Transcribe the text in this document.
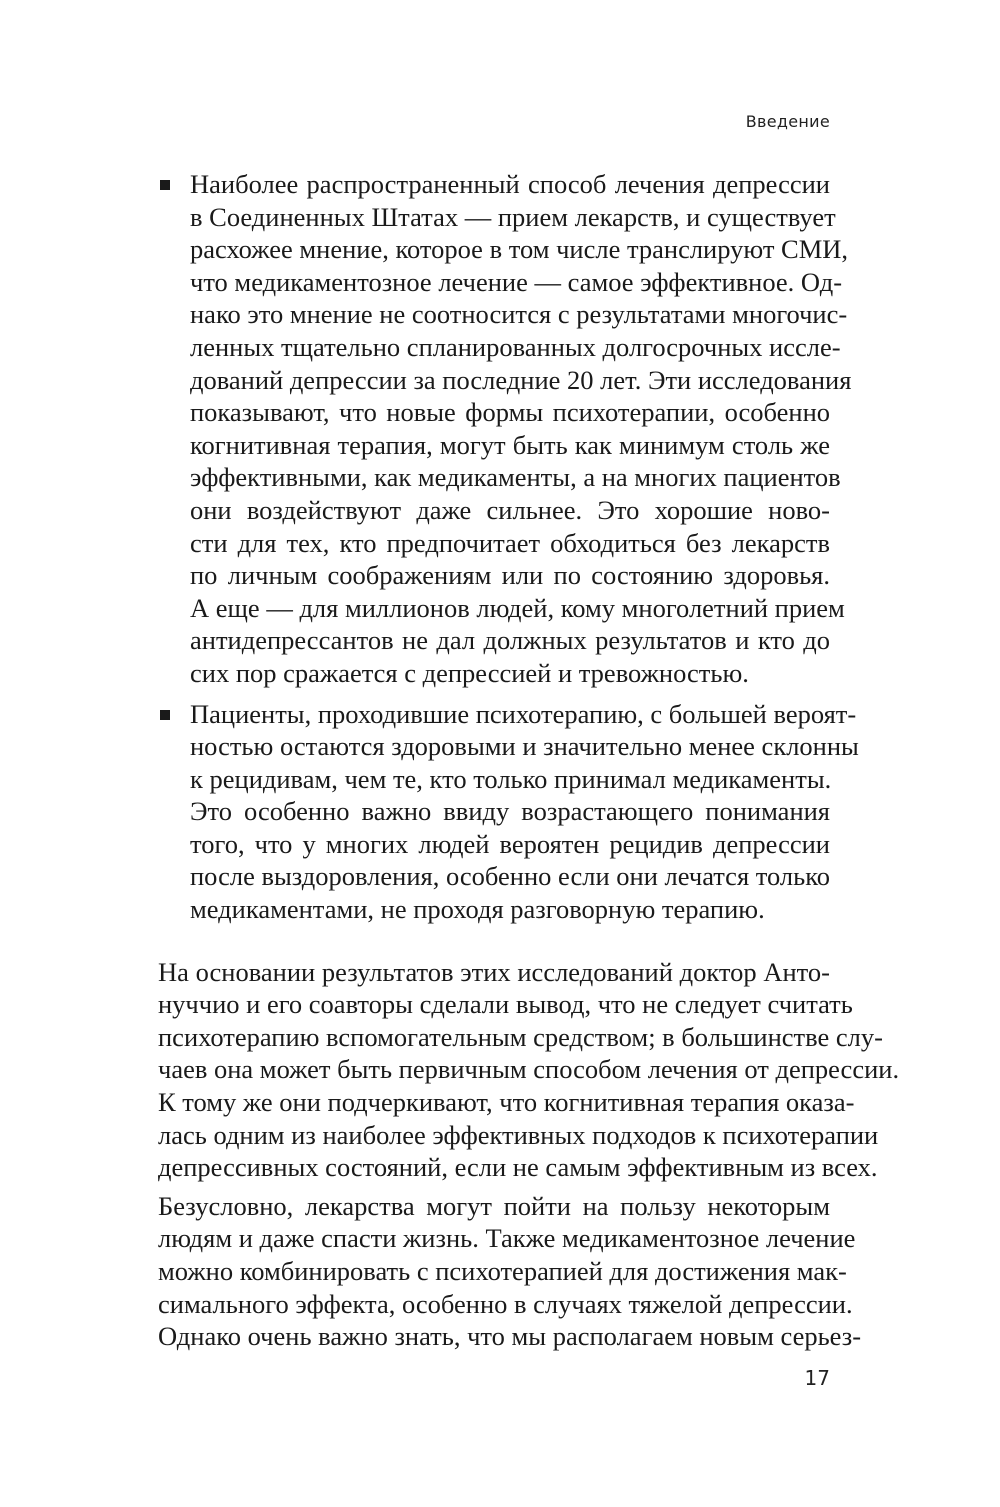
Введение

Наиболее распространенный способ лечения депрессии
в Соединенных Штатах — прием лекарств, и существует
расхожее мнение, которое в том числе транслируют СМИ,
что медикаментозное лечение — самое эффективное. Од-
нако это мнение не соотносится с результатами многочис-
ленных тщательно спланированных долгосрочных иссле-
дований депрессии за последние 20 лет. Эти исследования
показывают, что новые формы психотерапии, особенно
когнитивная терапия, могут быть как минимум столь же
эффективными, как медикаменты, а на многих пациентов
они воздействуют даже сильнее. Это хорошие ново-
сти для тех, кто предпочитает обходиться без лекарств
по личным соображениям или по состоянию здоровья.
А еще — для миллионов людей, кому многолетний прием
антидепрессантов не дал должных результатов и кто до
сих пор сражается с депрессией и тревожностью.

Пациенты, проходившие психотерапию, с большей вероят-
ностью остаются здоровыми и значительно менее склонны
к рецидивам, чем те, кто только принимал медикаменты.
Это особенно важно ввиду возрастающего понимания
того, что у многих людей вероятен рецидив депрессии
после выздоровления, особенно если они лечатся только
медикаментами, не проходя разговорную терапию.

На основании результатов этих исследований доктор Анто-
нуччио и его соавторы сделали вывод, что не следует считать
психотерапию вспомогательным средством; в большинстве слу-
чаев она может быть первичным способом лечения от депрессии.
К тому же они подчеркивают, что когнитивная терапия оказа-
лась одним из наиболее эффективных подходов к психотерапии
депрессивных состояний, если не самым эффективным из всех.
Безусловно, лекарства могут пойти на пользу некоторым
людям и даже спасти жизнь. Также медикаментозное лечение
можно комбинировать с психотерапией для достижения мак-
симального эффекта, особенно в случаях тяжелой депрессии.
Однако очень важно знать, что мы располагаем новым серьез-
17
